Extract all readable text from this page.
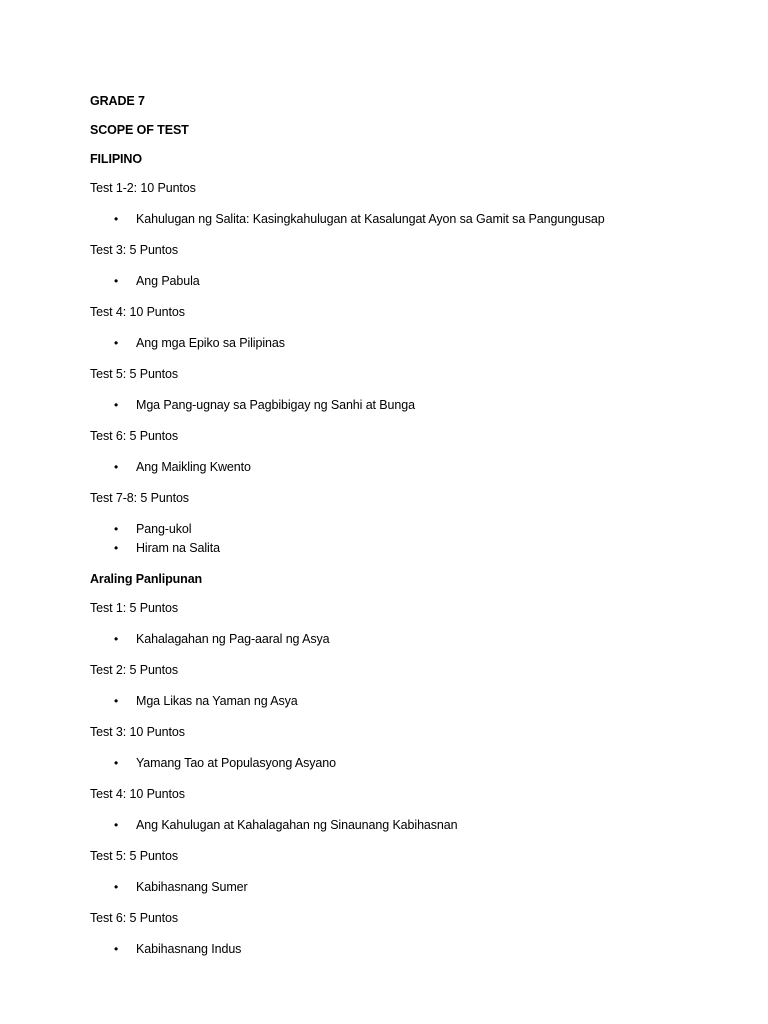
GRADE 7
SCOPE OF TEST
FILIPINO
Test 1-2: 10 Puntos
• Kahulugan ng Salita: Kasingkahulugan at Kasalungat Ayon sa Gamit sa Pangungusap
Test 3: 5 Puntos
• Ang Pabula
Test 4: 10 Puntos
• Ang mga Epiko sa Pilipinas
Test 5: 5 Puntos
• Mga Pang-ugnay sa Pagbibigay ng Sanhi at Bunga
Test 6: 5 Puntos
• Ang Maikling Kwento
Test 7-8: 5 Puntos
• Pang-ukol
• Hiram na Salita
Araling Panlipunan
Test 1: 5 Puntos
• Kahalagahan ng Pag-aaral ng Asya
Test 2: 5 Puntos
• Mga Likas na Yaman ng Asya
Test 3: 10 Puntos
• Yamang Tao at Populasyong Asyano
Test 4: 10 Puntos
• Ang Kahulugan at Kahalagahan ng Sinaunang Kabihasnan
Test 5: 5 Puntos
• Kabihasnang Sumer
Test 6: 5 Puntos
• Kabihasnang Indus
